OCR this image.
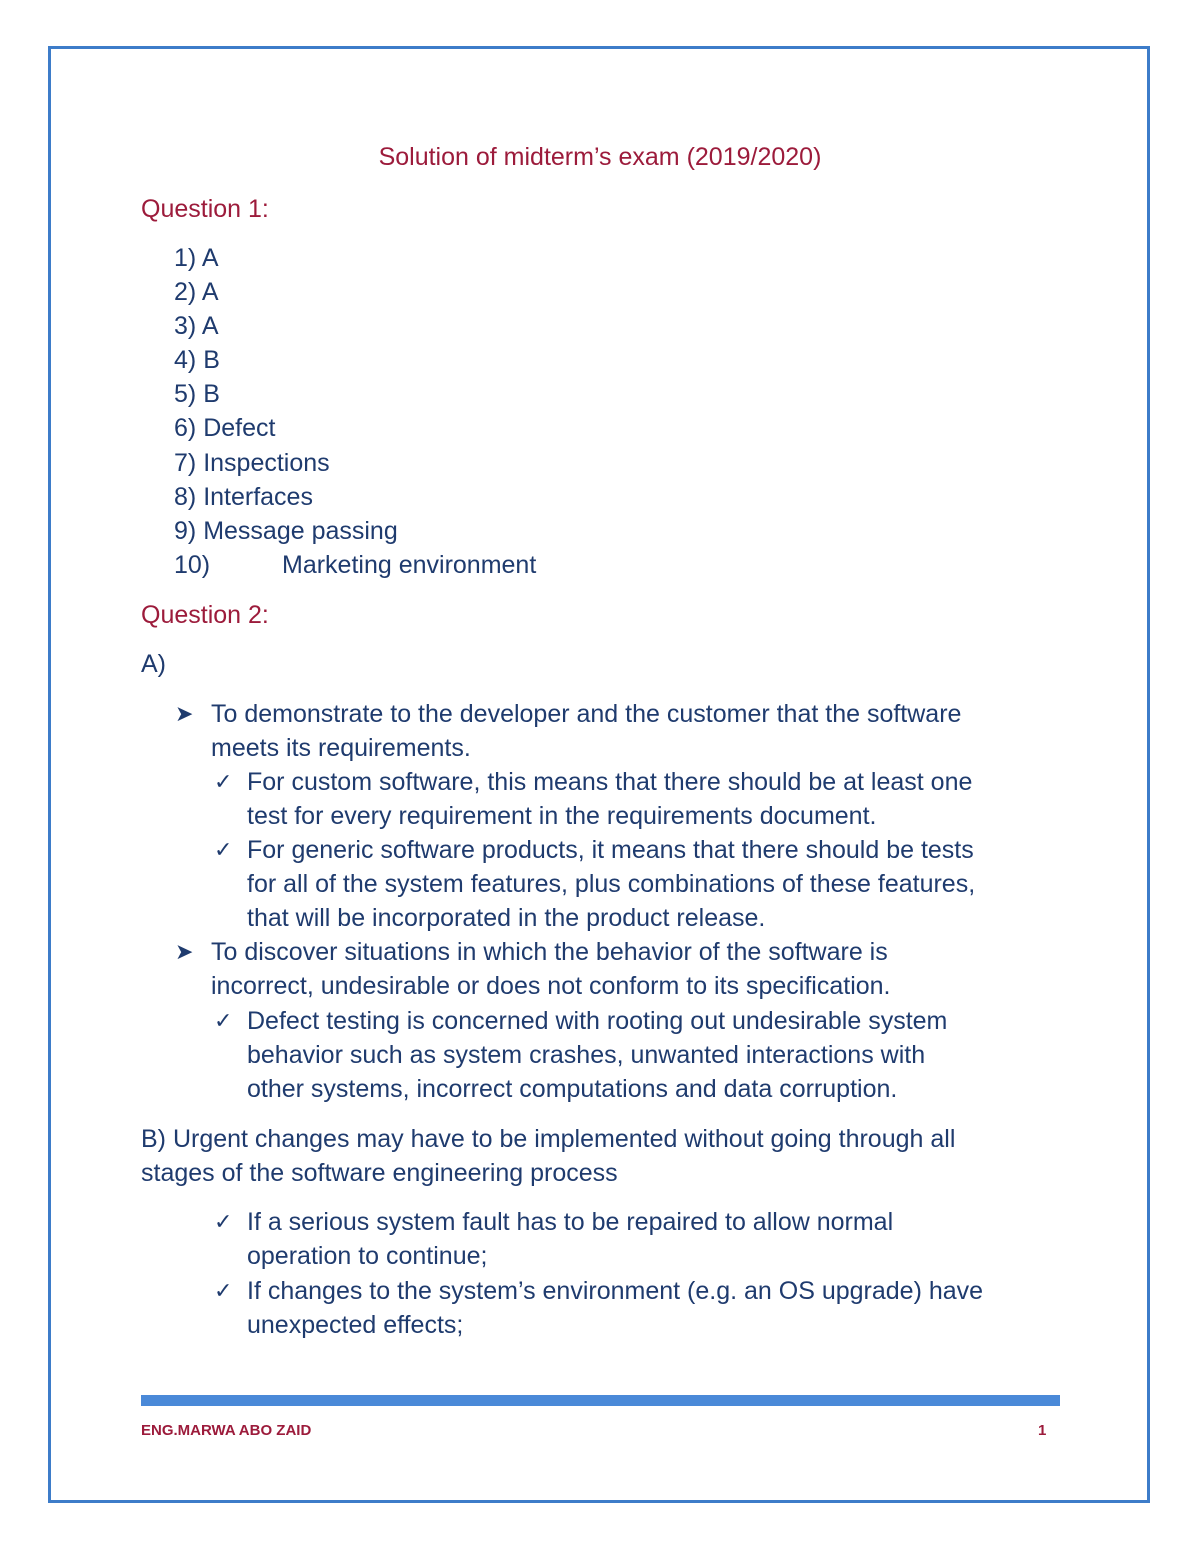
Solution of midterm’s exam (2019/2020)

Question 1:

1) A
2) A
3) A
4) B
5) B
6) Defect
7) Inspections
8) Interfaces
9) Message passing
10)	Marketing environment

Question 2:

A)

➤ To demonstrate to the developer and the customer that the software

meets its requirements.

✓ For custom software, this means that there should be at least one

test for every requirement in the requirements document.

✓ For generic software products, it means that there should be tests

for all of the system features, plus combinations of these features,

that will be incorporated in the product release.

➤ To discover situations in which the behavior of the software is

incorrect, undesirable or does not conform to its specification.

✓ Defect testing is concerned with rooting out undesirable system

behavior such as system crashes, unwanted interactions with

other systems, incorrect computations and data corruption.

B) Urgent changes may have to be implemented without going through all

stages of the software engineering process

✓ If a serious system fault has to be repaired to allow normal

operation to continue;

✓ If changes to the system’s environment (e.g. an OS upgrade) have

unexpected effects;

ENG.MARWA ABO ZAID	1
